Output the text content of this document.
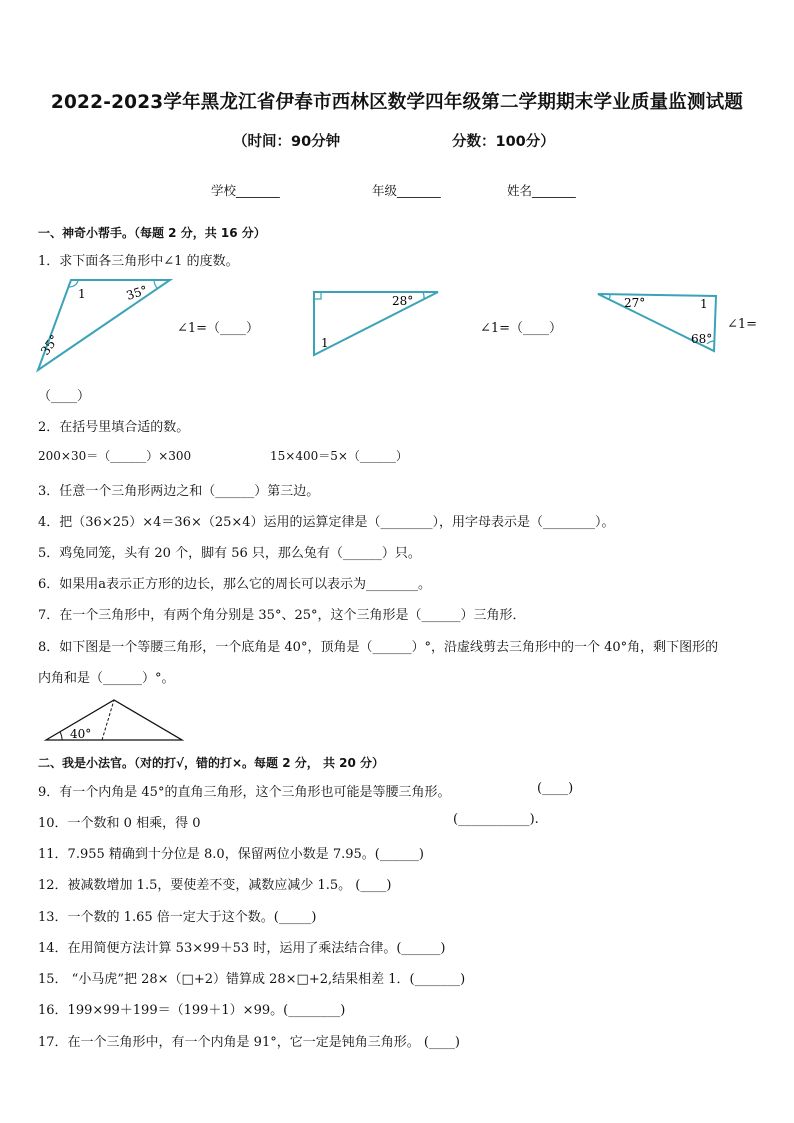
2022-2023学年黑龙江省伊春市西林区数学四年级第二学期期末学业质量监测试题
（时间：90分钟	分数：100分）
学校_______	年级_______	姓名_______
一、神奇小帮手。（每题 2 分，共 16 分）
1．求下面各三角形中∠1 的度数。
1	35°
35°
∠1=（____）
28°
1
∠1=（____）
27°	1
68°
∠1=
（____）
2．在括号里填合适的数。
200×30＝（______）×300	15×400＝5×（______）
3．任意一个三角形两边之和（______）第三边。
4．把（36×25）×4＝36×（25×4）运用的运算定律是（________），用字母表示是（________）。
5．鸡兔同笼，头有 20 个，脚有 56 只，那么兔有（______）只。
6．如果用a表示正方形的边长，那么它的周长可以表示为________。
7．在一个三角形中，有两个角分别是 35°、25°，这个三角形是（______）三角形．
8．如下图是一个等腰三角形，一个底角是 40°，顶角是（______）°，沿虚线剪去三角形中的一个 40°角，剩下图形的
内角和是（______）°。
40°
二、我是小法官。（对的打√，错的打×。每题 2 分， 共 20 分）
9．有一个内角是 45°的直角三角形，这个三角形也可能是等腰三角形。	(____)
10．一个数和 0 相乘，得 0	(___________).
11．7.955 精确到十分位是 8.0，保留两位小数是 7.95。(______)
12．被减数增加 1.5，要使差不变，减数应减少 1.5。 (____)
13．一个数的 1.65 倍一定大于这个数。(_____)
14．在用简便方法计算 53×99＋53 时，运用了乘法结合律。(______)
15． “小马虎”把 28×（□+2）错算成 28×□+2,结果相差 1．(_______)
16．199×99＋199＝（199＋1）×99。(________)
17．在一个三角形中，有一个内角是 91°，它一定是钝角三角形。 (____)
